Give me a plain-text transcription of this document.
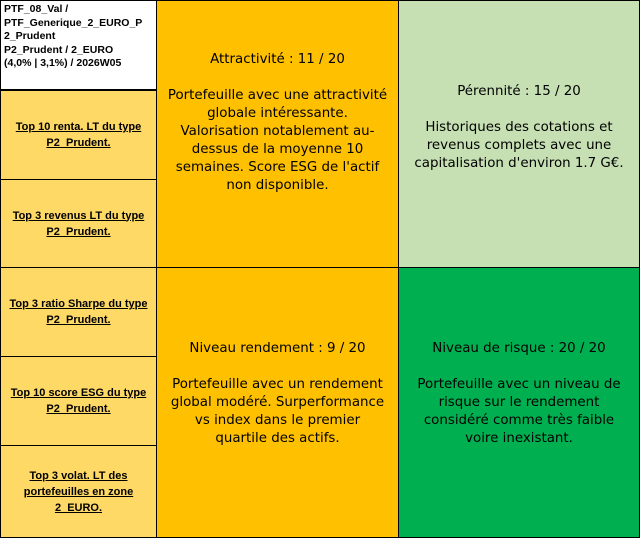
PTF_08_Val /
PTF_Generique_2_EURO_P
2_Prudent
P2_Prudent / 2_EURO
(4,0% | 3,1%) / 2026W05
Top 10 renta. LT du type P2_Prudent.
Top 3 revenus LT du type P2_Prudent.
Top 3 ratio Sharpe du type P2_Prudent.
Top 10 score ESG du type P2_Prudent.
Top 3 volat. LT des portefeuilles en zone 2_EURO.
Attractivité : 11 / 20
Portefeuille avec une attractivité globale intéressante. Valorisation notablement au-dessus de la moyenne 10 semaines. Score ESG de l'actif non disponible.
Pérennité : 15 / 20
Historiques des cotations et revenus complets avec une capitalisation d'environ 1.7 G€.
Niveau rendement : 9 / 20
Portefeuille avec un rendement global modéré. Surperformance vs index dans le premier quartile des actifs.
Niveau de risque : 20 / 20
Portefeuille avec un niveau de risque sur le rendement considéré comme très faible voire inexistant.
